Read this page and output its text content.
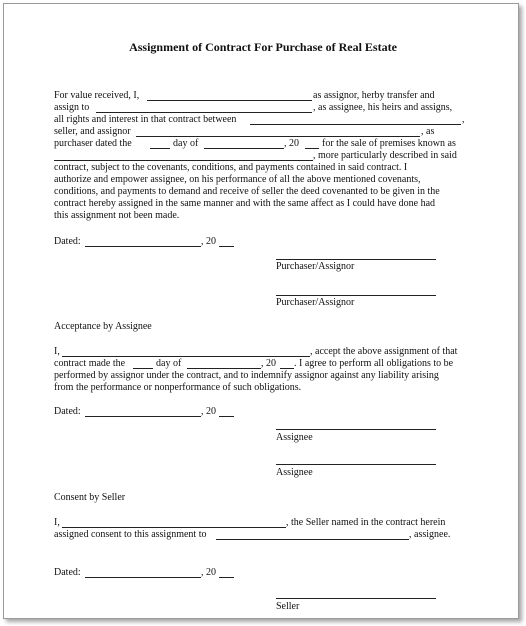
Assignment of Contract For Purchase of Real Estate
For value received, I,	as assignor, herby transfer and
assign to	, as assignee, his heirs and assigns,
all rights and interest in that contract between	,
seller, and assignor	, as
purchaser dated the	day of	, 20 for the sale of premises known as
, more particularly described in said
contract, subject to the covenants, conditions, and payments contained in said contract. I
authorize and empower assignee, on his performance of all the above mentioned covenants,
conditions, and payments to demand and receive of seller the deed covenanted to be given in the
contract hereby assigned in the same manner and with the same affect as I could have done had
this assignment not been made.
Dated:	, 20
Purchaser/Assignor
Purchaser/Assignor
Acceptance by Assignee
I,	, accept the above assignment of that
contract made the	day of	, 20 . I agree to perform all obligations to be
performed by assignor under the contract, and to indemnify assignor against any liability arising
from the performance or nonperformance of such obligations.
Dated:	, 20
Assignee
Assignee
Consent by Seller
I,	, the Seller named in the contract herein
assigned consent to this assignment to	, assignee.
Dated:	, 20
Seller
